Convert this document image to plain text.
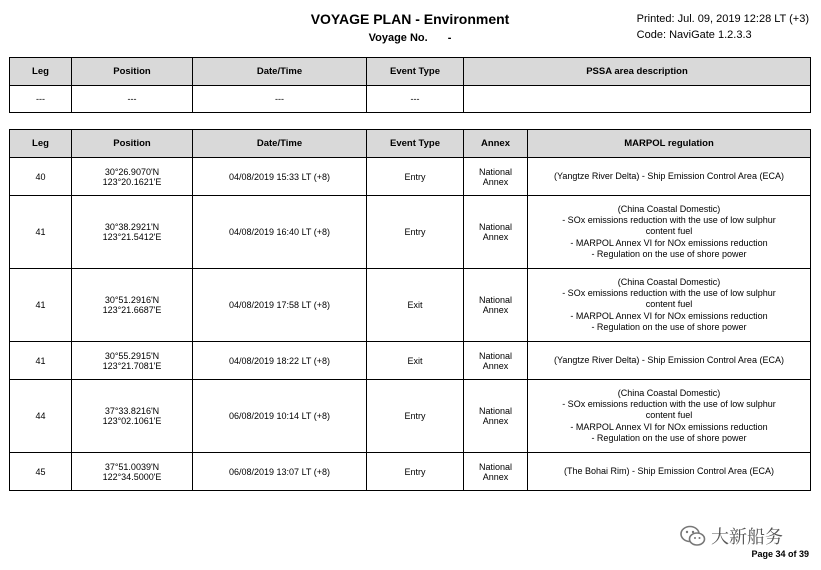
VOYAGE PLAN - Environment
Voyage No. -
Printed: Jul. 09, 2019 12:28 LT (+3)
Code: NaviGate 1.2.3.3
Leg	Position	Date/Time	Event Type	PSSA area description
---	---	---	---	
Leg	Position	Date/Time	Event Type	Annex	MARPOL regulation
40	30°26.9070'N
123°20.1621'E	04/08/2019 15:33 LT (+8)	Entry	National
Annex	(Yangtze River Delta) - Ship Emission Control Area (ECA)

41	30°38.2921'N
123°21.5412'E	04/08/2019 16:40 LT (+8)	Entry	National
Annex	(China Coastal Domestic)
- SOx emissions reduction with the use of low sulphur
content fuel
- MARPOL Annex VI for NOx emissions reduction
- Regulation on the use of shore power

41	30°51.2916'N
123°21.6687'E	04/08/2019 17:58 LT (+8)	Exit	National
Annex	(China Coastal Domestic)
- SOx emissions reduction with the use of low sulphur
content fuel
- MARPOL Annex VI for NOx emissions reduction
- Regulation on the use of shore power

41	30°55.2915'N
123°21.7081'E	04/08/2019 18:22 LT (+8)	Exit	National
Annex	(Yangtze River Delta) - Ship Emission Control Area (ECA)

44	37°33.8216'N
123°02.1061'E	06/08/2019 10:14 LT (+8)	Entry	National
Annex	(China Coastal Domestic)
- SOx emissions reduction with the use of low sulphur
content fuel
- MARPOL Annex VI for NOx emissions reduction
- Regulation on the use of shore power

45	37°51.0039'N
122°34.5000'E	06/08/2019 13:07 LT (+8)	Entry	National
Annex	(The Bohai Rim) - Ship Emission Control Area (ECA)
大新船务
Page 34 of 39
